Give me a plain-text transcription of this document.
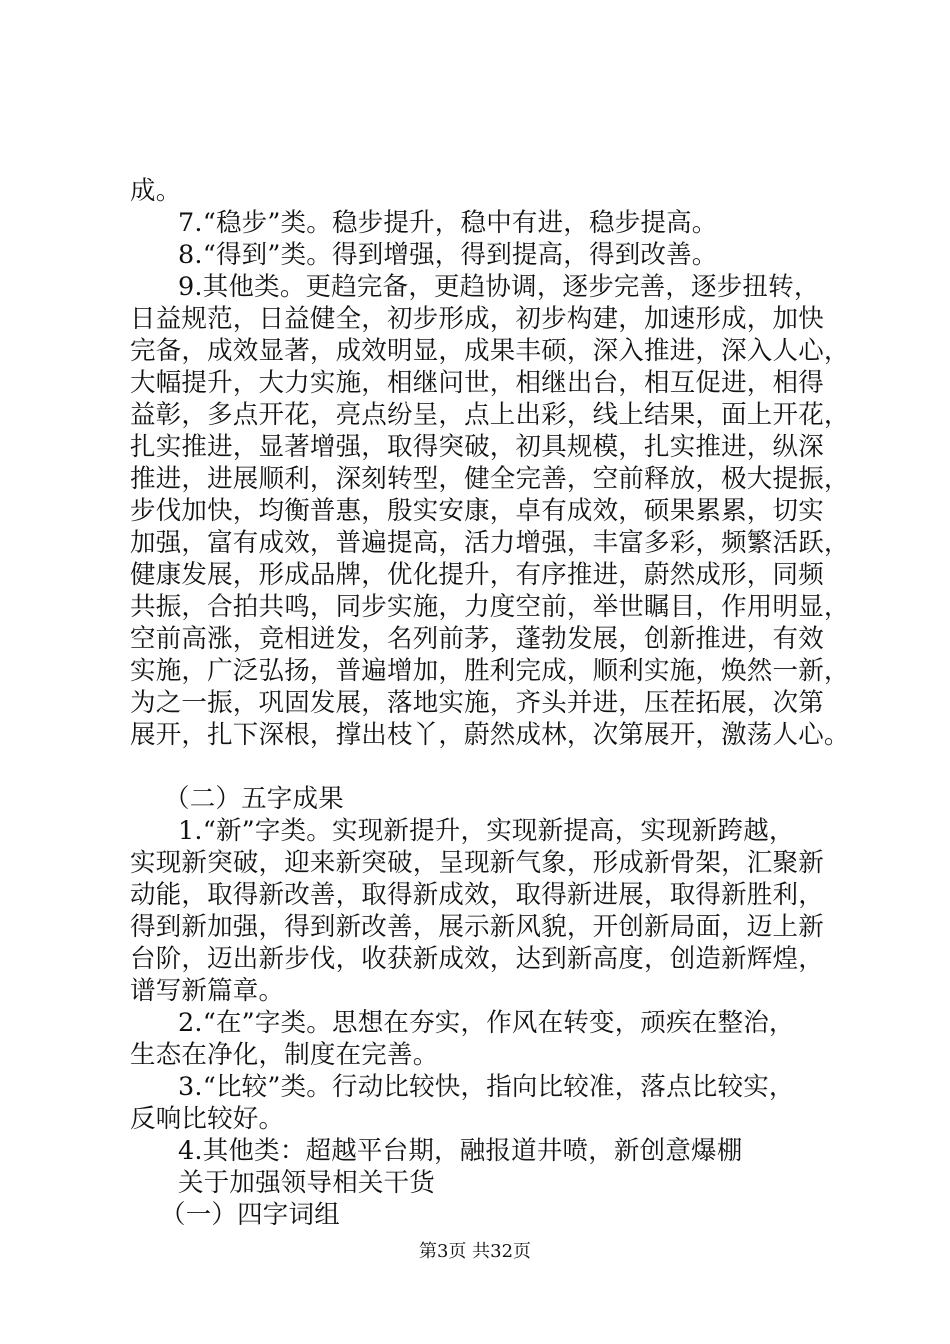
成。
7.“稳步”类。稳步提升，稳中有进，稳步提高。
8.“得到”类。得到增强，得到提高，得到改善。
9.其他类。更趋完备，更趋协调，逐步完善，逐步扭转，
日益规范，日益健全，初步形成，初步构建，加速形成，加快
完备，成效显著，成效明显，成果丰硕，深入推进，深入人心，
大幅提升，大力实施，相继问世，相继出台，相互促进，相得
益彰，多点开花，亮点纷呈，点上出彩，线上结果，面上开花，
扎实推进，显著增强，取得突破，初具规模，扎实推进，纵深
推进，进展顺利，深刻转型，健全完善，空前释放，极大提振，
步伐加快，均衡普惠，殷实安康，卓有成效，硕果累累，切实
加强，富有成效，普遍提高，活力增强，丰富多彩，频繁活跃，
健康发展，形成品牌，优化提升，有序推进，蔚然成形，同频
共振，合拍共鸣，同步实施，力度空前，举世瞩目，作用明显，
空前高涨，竞相迸发，名列前茅，蓬勃发展，创新推进，有效
实施，广泛弘扬，普遍增加，胜利完成，顺利实施，焕然一新，
为之一振，巩固发展，落地实施，齐头并进，压茬拓展，次第
展开，扎下深根，撑出枝丫，蔚然成林，次第展开，激荡人心。
（二）五字成果
1.“新”字类。实现新提升，实现新提高，实现新跨越，
实现新突破，迎来新突破，呈现新气象，形成新骨架，汇聚新
动能，取得新改善，取得新成效，取得新进展，取得新胜利，
得到新加强，得到新改善，展示新风貌，开创新局面，迈上新
台阶，迈出新步伐，收获新成效，达到新高度，创造新辉煌，
谱写新篇章。
2.“在”字类。思想在夯实，作风在转变，顽疾在整治，
生态在净化，制度在完善。
3.“比较”类。行动比较快，指向比较准，落点比较实，
反响比较好。
4.其他类：超越平台期，融报道井喷，新创意爆棚
关于加强领导相关干货
（一）四字词组
第3页 共32页
